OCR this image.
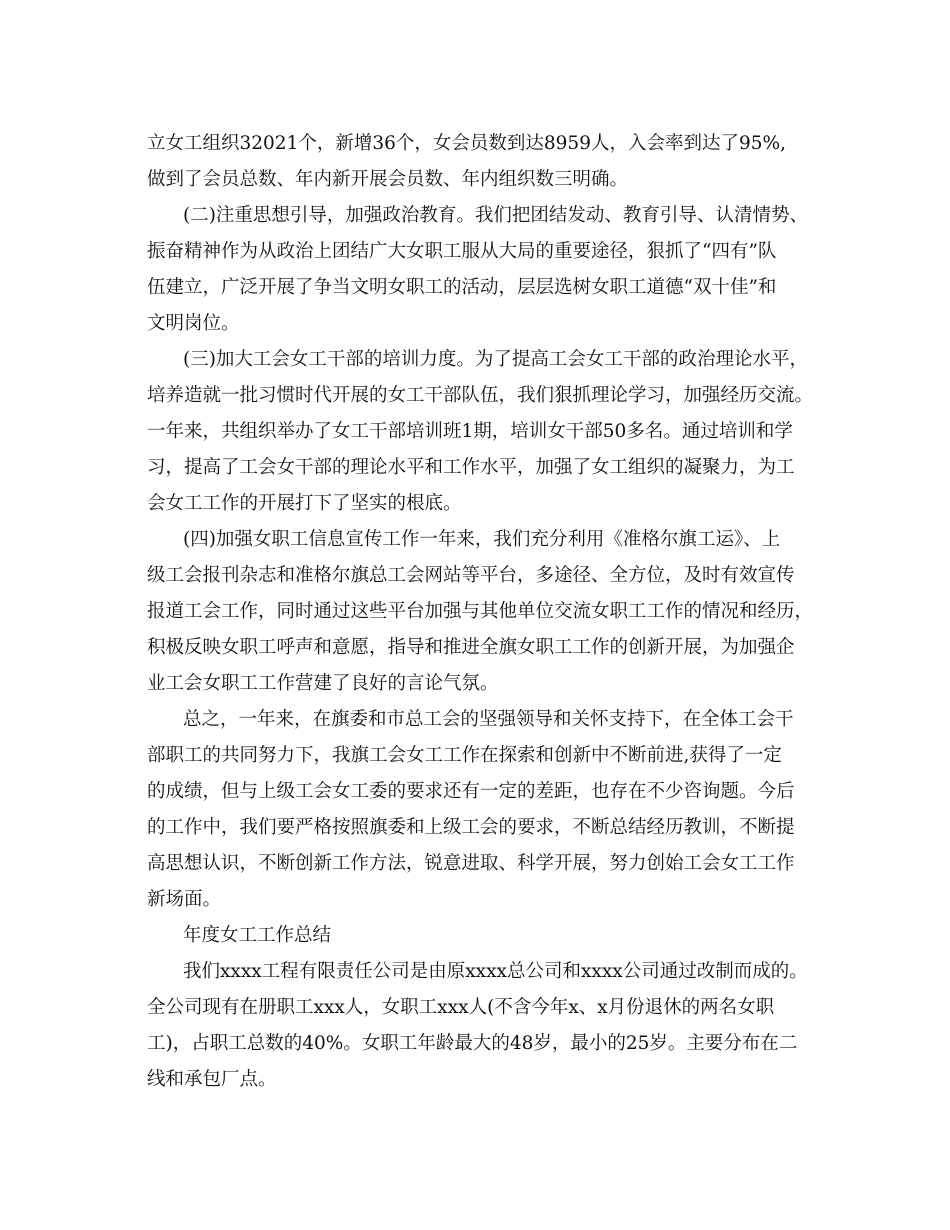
立女工组织32021个，新增36个，女会员数到达8959人，入会率到达了95%,
做到了会员总数、年内新开展会员数、年内组织数三明确。
(二)注重思想引导，加强政治教育。我们把团结发动、教育引导、认清情势、
振奋精神作为从政治上团结广大女职工服从大局的重要途径，狠抓了“四有”队
伍建立，广泛开展了争当文明女职工的活动，层层选树女职工道德“双十佳”和
文明岗位。
(三)加大工会女工干部的培训力度。为了提高工会女工干部的政治理论水平，
培养造就一批习惯时代开展的女工干部队伍，我们狠抓理论学习，加强经历交流。
一年来，共组织举办了女工干部培训班1期，培训女干部50多名。通过培训和学
习，提高了工会女干部的理论水平和工作水平，加强了女工组织的凝聚力，为工
会女工工作的开展打下了坚实的根底。
(四)加强女职工信息宣传工作一年来，我们充分利用《准格尔旗工运》、上
级工会报刊杂志和准格尔旗总工会网站等平台，多途径、全方位，及时有效宣传
报道工会工作，同时通过这些平台加强与其他单位交流女职工工作的情况和经历，
积极反映女职工呼声和意愿，指导和推进全旗女职工工作的创新开展，为加强企
业工会女职工工作营建了良好的言论气氛。
总之，一年来，在旗委和市总工会的坚强领导和关怀支持下，在全体工会干
部职工的共同努力下，我旗工会女工工作在探索和创新中不断前进,获得了一定
的成绩，但与上级工会女工委的要求还有一定的差距，也存在不少咨询题。今后
的工作中，我们要严格按照旗委和上级工会的要求，不断总结经历教训，不断提
高思想认识，不断创新工作方法，锐意进取、科学开展，努力创始工会女工工作
新场面。
年度女工工作总结
我们xxxx工程有限责任公司是由原xxxx总公司和xxxx公司通过改制而成的。
全公司现有在册职工xxx人，女职工xxx人(不含今年x、x月份退休的两名女职
工)，占职工总数的40%。女职工年龄最大的48岁，最小的25岁。主要分布在二
线和承包厂点。
